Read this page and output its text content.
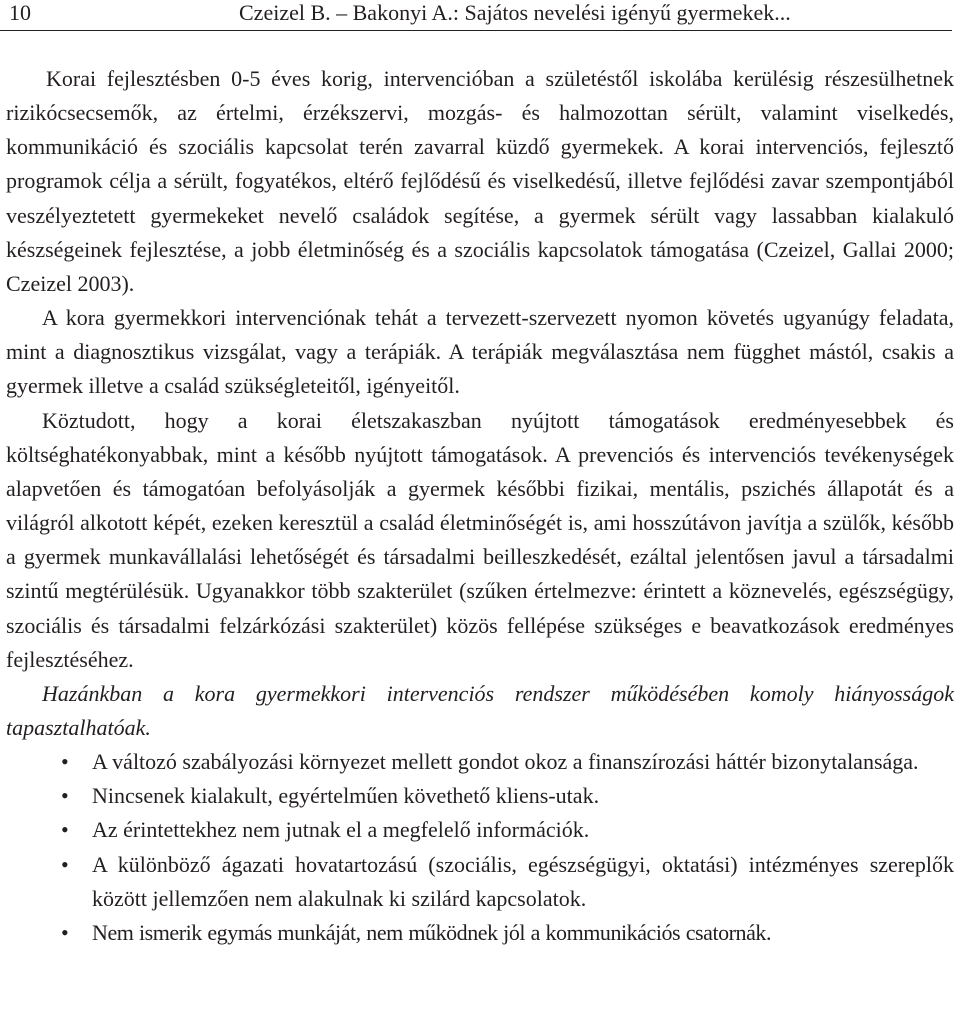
10	Czeizel B. – Bakonyi A.: Sajátos nevelési igényű gyermekek...

Korai fejlesztésben 0-5 éves korig, intervencióban a születéstől iskolába kerülésig részesülhetnek rizikócsecsemők, az értelmi, érzékszervi, mozgás- és halmozottan sérült, valamint viselkedés, kommunikáció és szociális kapcsolat terén zavarral küzdő gyermekek. A korai intervenciós, fejlesztő programok célja a sérült, fogyatékos, eltérő fejlődésű és viselkedésű, illetve fejlődési zavar szempontjából veszélyeztetett gyermekeket nevelő családok segítése, a gyermek sérült vagy lassabban kialakuló készségeinek fejlesztése, a jobb életminőség és a szociális kapcsolatok támogatása (Czeizel, Gallai 2000; Czeizel 2003).

A kora gyermekkori intervenciónak tehát a tervezett-szervezett nyomon követés ugyanúgy feladata, mint a diagnosztikus vizsgálat, vagy a terápiák. A terápiák megválasztása nem függhet mástól, csakis a gyermek illetve a család szükségleteitől, igényeitől.

Köztudott, hogy a korai életszakaszban nyújtott támogatások eredményesebbek és költséghatékonyabbak, mint a később nyújtott támogatások. A prevenciós és intervenciós tevékenységek alapvetően és támogatóan befolyásolják a gyermek későbbi fizikai, mentális, pszichés állapotát és a világról alkotott képét, ezeken keresztül a család életminőségét is, ami hosszútávon javítja a szülők, később a gyermek munkavállalási lehetőségét és társadalmi beilleszkedését, ezáltal jelentősen javul a társadalmi szintű megtérülésük. Ugyanakkor több szakterület (szűken értelmezve: érintett a köznevelés, egészségügy, szociális és társadalmi felzárkózási szakterület) közös fellépése szükséges e beavatkozások eredményes fejlesztéséhez.

Hazánkban a kora gyermekkori intervenciós rendszer működésében komoly hiányosságok tapasztalhatóak.

• A változó szabályozási környezet mellett gondot okoz a finanszírozási háttér bizonytalansága.
• Nincsenek kialakult, egyértelműen követhető kliens-utak.
• Az érintettekhez nem jutnak el a megfelelő információk.
• A különböző ágazati hovatartozású (szociális, egészségügyi, oktatási) intézményes szereplők között jellemzően nem alakulnak ki szilárd kapcsolatok.
• Nem ismerik egymás munkáját, nem működnek jól a kommunikációs csatornák.
